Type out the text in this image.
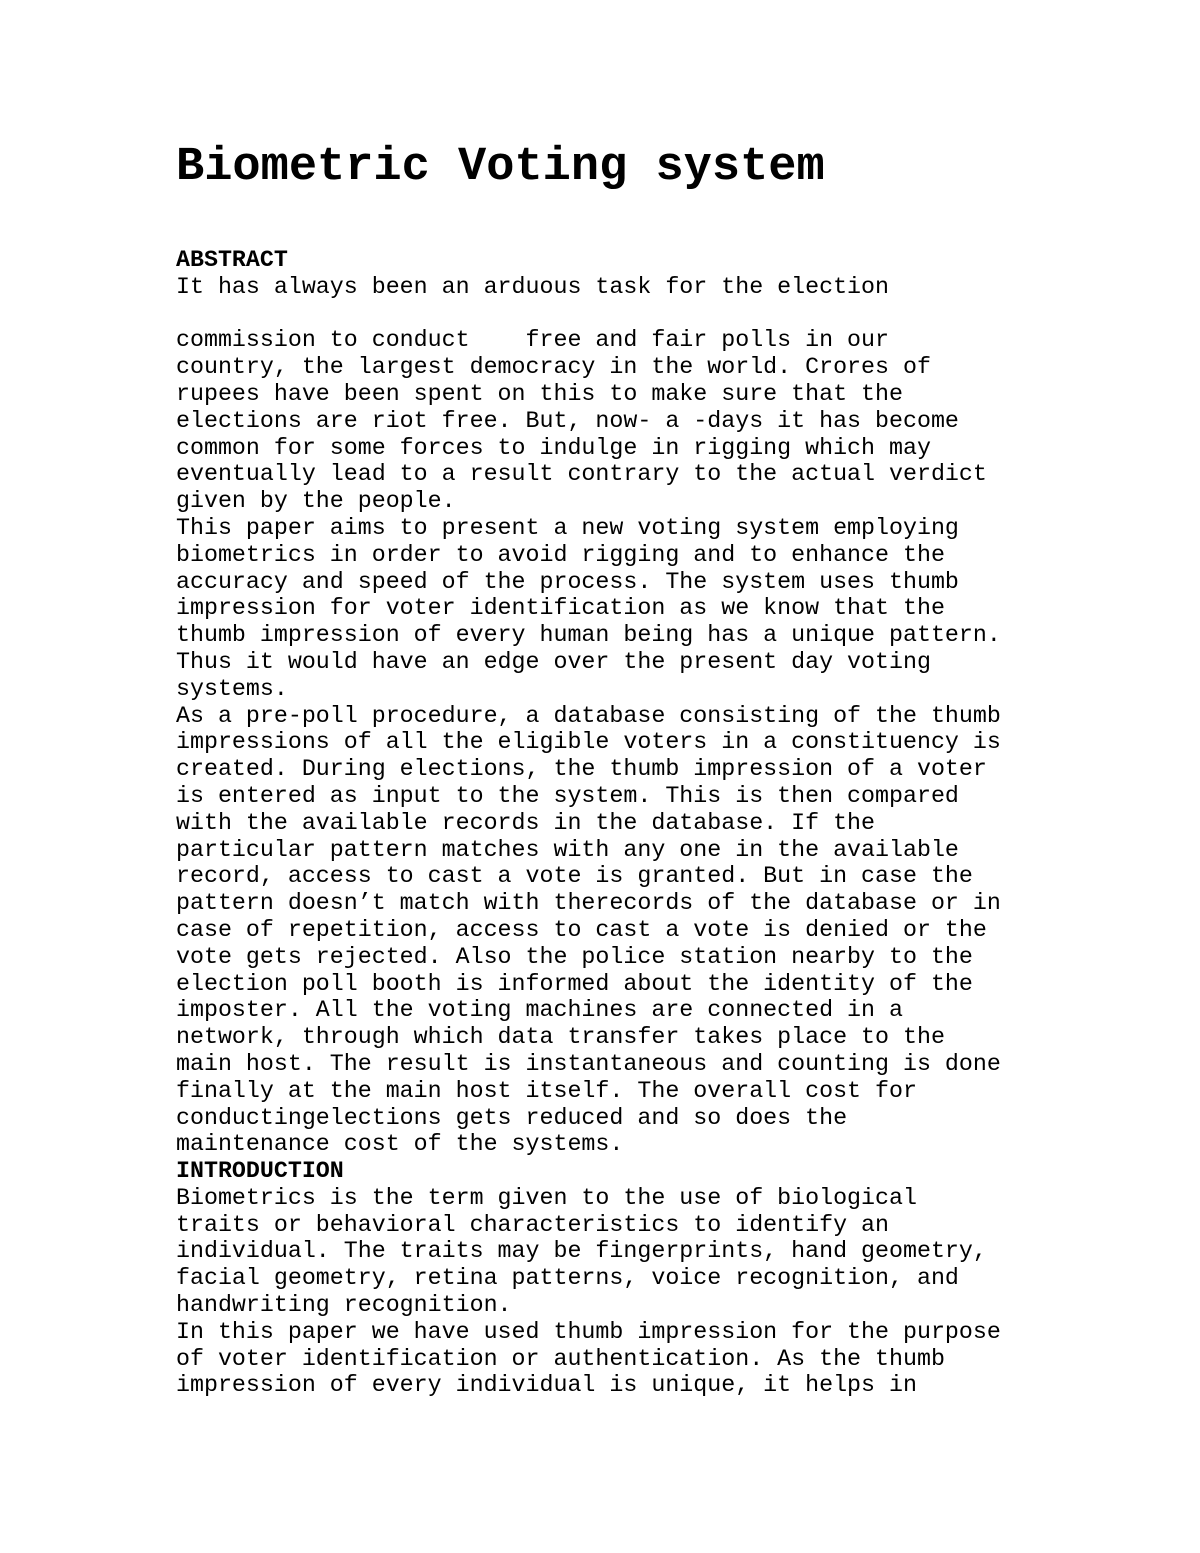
Biometric Voting system
ABSTRACT
It has always been an arduous task for the election
commission to conduct    free and fair polls in our
country, the largest democracy in the world. Crores of
rupees have been spent on this to make sure that the
elections are riot free. But, now- a -days it has become
common for some forces to indulge in rigging which may
eventually lead to a result contrary to the actual verdict
given by the people.
This paper aims to present a new voting system employing
biometrics in order to avoid rigging and to enhance the
accuracy and speed of the process. The system uses thumb
impression for voter identification as we know that the
thumb impression of every human being has a unique pattern.
Thus it would have an edge over the present day voting
systems.
As a pre-poll procedure, a database consisting of the thumb
impressions of all the eligible voters in a constituency is
created. During elections, the thumb impression of a voter
is entered as input to the system. This is then compared
with the available records in the database. If the
particular pattern matches with any one in the available
record, access to cast a vote is granted. But in case the
pattern doesn’t match with therecords of the database or in
case of repetition, access to cast a vote is denied or the
vote gets rejected. Also the police station nearby to the
election poll booth is informed about the identity of the
imposter. All the voting machines are connected in a
network, through which data transfer takes place to the
main host. The result is instantaneous and counting is done
finally at the main host itself. The overall cost for
conductingelections gets reduced and so does the
maintenance cost of the systems.
INTRODUCTION
Biometrics is the term given to the use of biological
traits or behavioral characteristics to identify an
individual. The traits may be fingerprints, hand geometry,
facial geometry, retina patterns, voice recognition, and
handwriting recognition.
In this paper we have used thumb impression for the purpose
of voter identification or authentication. As the thumb
impression of every individual is unique, it helps in
